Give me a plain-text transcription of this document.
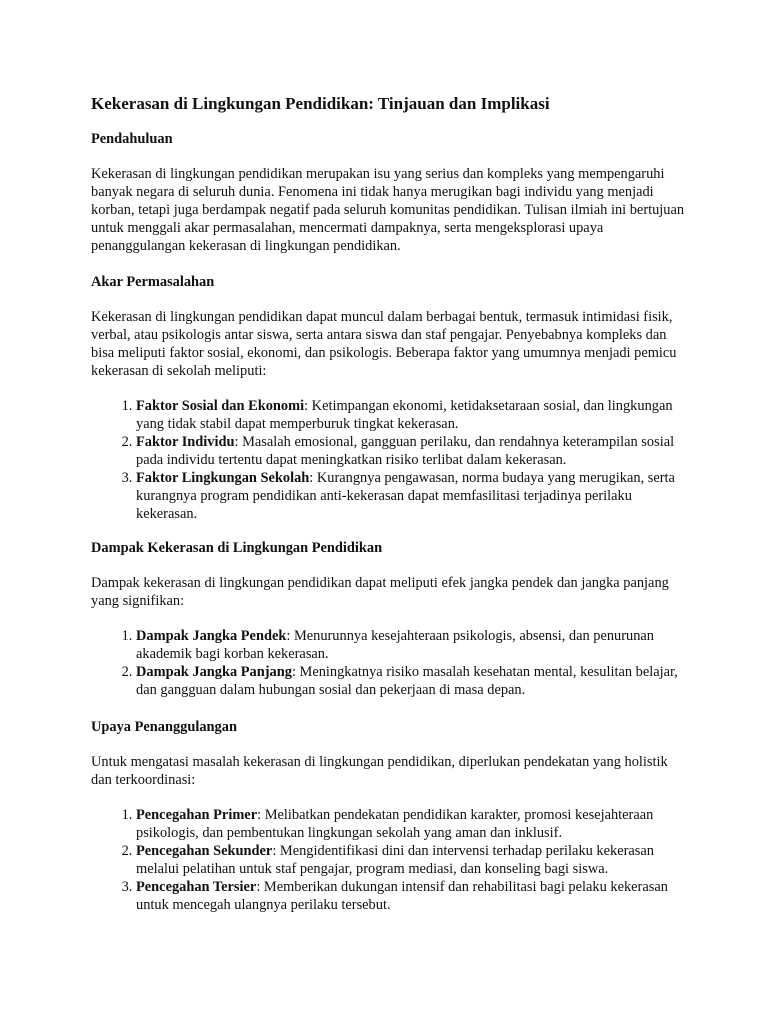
Kekerasan di Lingkungan Pendidikan: Tinjauan dan Implikasi
Pendahuluan

Kekerasan di lingkungan pendidikan merupakan isu yang serius dan kompleks yang mempengaruhi banyak negara di seluruh dunia. Fenomena ini tidak hanya merugikan bagi individu yang menjadi korban, tetapi juga berdampak negatif pada seluruh komunitas pendidikan. Tulisan ilmiah ini bertujuan untuk menggali akar permasalahan, mencermati dampaknya, serta mengeksplorasi upaya penanggulangan kekerasan di lingkungan pendidikan.

Akar Permasalahan

Kekerasan di lingkungan pendidikan dapat muncul dalam berbagai bentuk, termasuk intimidasi fisik, verbal, atau psikologis antar siswa, serta antara siswa dan staf pengajar. Penyebabnya kompleks dan bisa meliputi faktor sosial, ekonomi, dan psikologis. Beberapa faktor yang umumnya menjadi pemicu kekerasan di sekolah meliputi:

1. Faktor Sosial dan Ekonomi: Ketimpangan ekonomi, ketidaksetaraan sosial, dan lingkungan yang tidak stabil dapat memperburuk tingkat kekerasan.
2. Faktor Individu: Masalah emosional, gangguan perilaku, dan rendahnya keterampilan sosial pada individu tertentu dapat meningkatkan risiko terlibat dalam kekerasan.
3. Faktor Lingkungan Sekolah: Kurangnya pengawasan, norma budaya yang merugikan, serta kurangnya program pendidikan anti-kekerasan dapat memfasilitasi terjadinya perilaku kekerasan.
Dampak Kekerasan di Lingkungan Pendidikan

Dampak kekerasan di lingkungan pendidikan dapat meliputi efek jangka pendek dan jangka panjang yang signifikan:

1. Dampak Jangka Pendek: Menurunnya kesejahteraan psikologis, absensi, dan penurunan akademik bagi korban kekerasan.
2. Dampak Jangka Panjang: Meningkatnya risiko masalah kesehatan mental, kesulitan belajar, dan gangguan dalam hubungan sosial dan pekerjaan di masa depan.
Upaya Penanggulangan

Untuk mengatasi masalah kekerasan di lingkungan pendidikan, diperlukan pendekatan yang holistik dan terkoordinasi:

1. Pencegahan Primer: Melibatkan pendekatan pendidikan karakter, promosi kesejahteraan psikologis, dan pembentukan lingkungan sekolah yang aman dan inklusif.
2. Pencegahan Sekunder: Mengidentifikasi dini dan intervensi terhadap perilaku kekerasan melalui pelatihan untuk staf pengajar, program mediasi, dan konseling bagi siswa.
3. Pencegahan Tersier: Memberikan dukungan intensif dan rehabilitasi bagi pelaku kekerasan untuk mencegah ulangnya perilaku tersebut.
